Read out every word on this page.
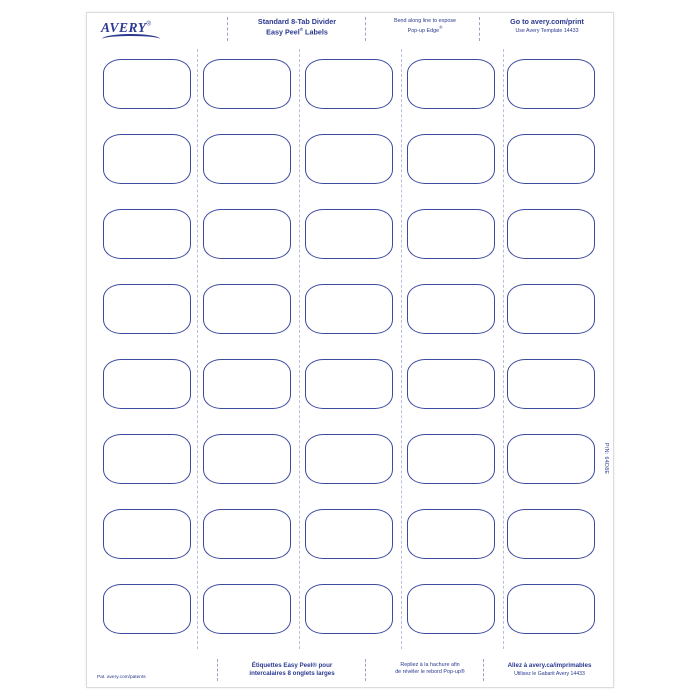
AVERY®	Standard 8-Tab Divider
Easy Peel® Labels
Bend along line to expose
Pop-up Edge®
Go to avery.com/print
Use Avery Template 14433
P/N: 64D8E
Pat. avery.com/patents
Étiquettes Easy Peel® pour
intercalaires 8 onglets larges
Repliez à la hachure afin
de révéler le rebord Pop-up®
Allez à avery.ca/imprimables
Utilisez le Gabarit Avery 14433
